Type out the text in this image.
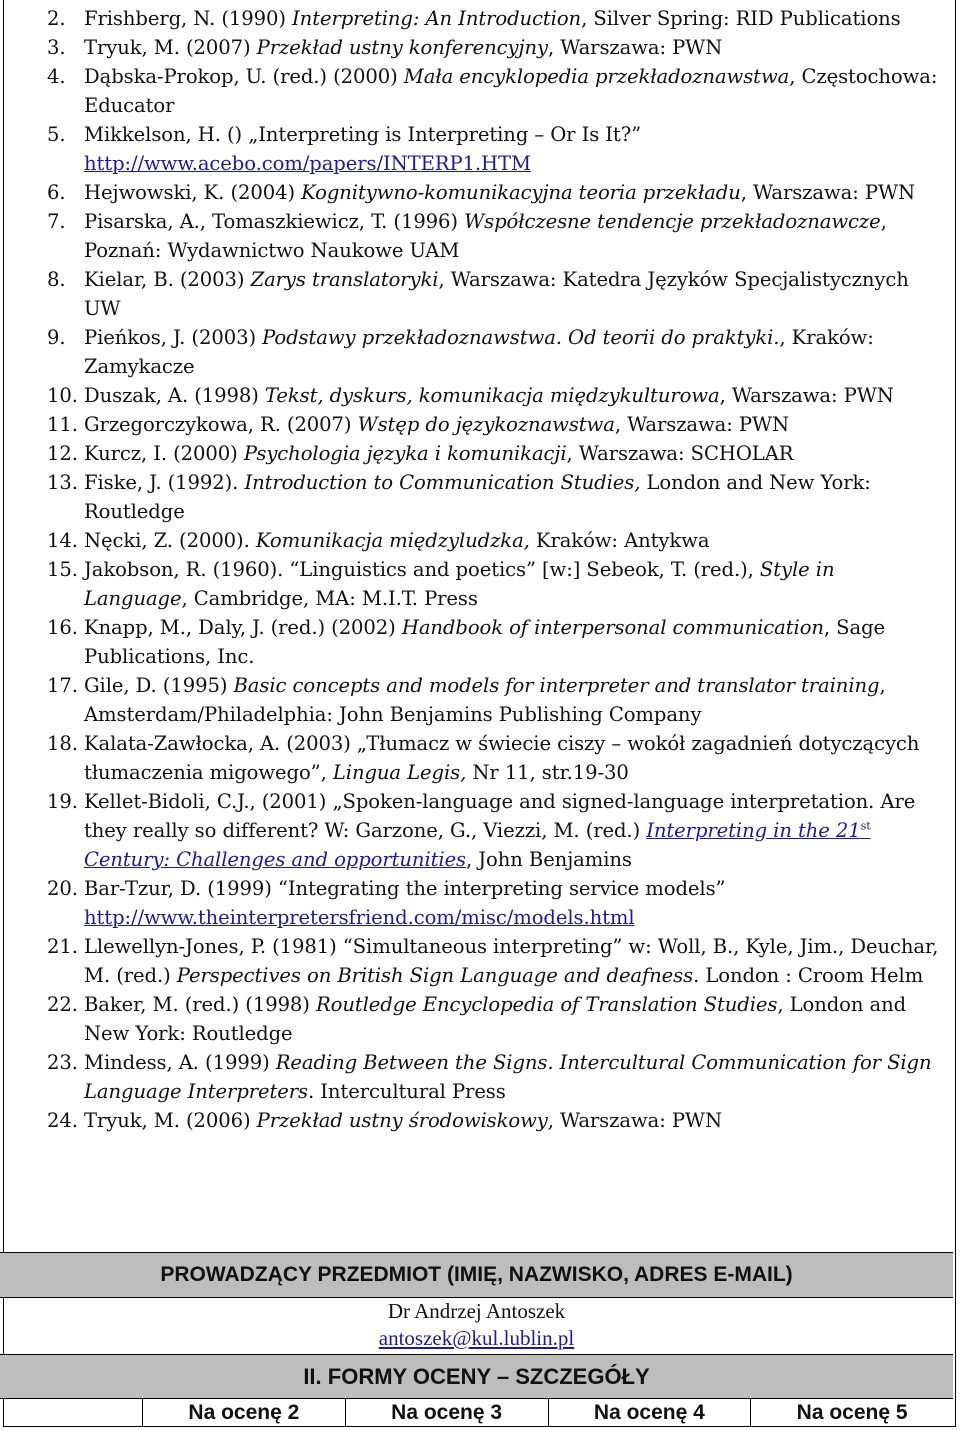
2. Frishberg, N. (1990) Interpreting: An Introduction, Silver Spring: RID Publications
3. Tryuk, M. (2007) Przekład ustny konferencyjny, Warszawa: PWN
4. Dąbska-Prokop, U. (red.) (2000) Mała encyklopedia przekładoznawstwa, Częstochowa: Educator
5. Mikkelson, H. () „Interpreting is Interpreting – Or Is It?” http://www.acebo.com/papers/INTERP1.HTM
6. Hejwowski, K. (2004) Kognitywno-komunikacyjna teoria przekładu, Warszawa: PWN
7. Pisarska, A., Tomaszkiewicz, T. (1996) Współczesne tendencje przekładoznawcze, Poznań: Wydawnictwo Naukowe UAM
8. Kielar, B. (2003) Zarys translatoryki, Warszawa: Katedra Języków Specjalistycznych UW
9. Pieńkos, J. (2003) Podstawy przekładoznawstwa. Od teorii do praktyki., Kraków: Zamykacze
10. Duszak, A. (1998) Tekst, dyskurs, komunikacja międzykulturowa, Warszawa: PWN
11. Grzegorczykowa, R. (2007) Wstęp do językoznawstwa, Warszawa: PWN
12. Kurcz, I. (2000) Psychologia języka i komunikacji, Warszawa: SCHOLAR
13. Fiske, J. (1992). Introduction to Communication Studies, London and New York: Routledge
14. Nęcki, Z. (2000). Komunikacja międzyludzka, Kraków: Antykwa
15. Jakobson, R. (1960). “Linguistics and poetics” [w:] Sebeok, T. (red.), Style in Language, Cambridge, MA: M.I.T. Press
16. Knapp, M., Daly, J. (red.) (2002) Handbook of interpersonal communication, Sage Publications, Inc.
17. Gile, D. (1995) Basic concepts and models for interpreter and translator training, Amsterdam/Philadelphia: John Benjamins Publishing Company
18. Kalata-Zawłocka, A. (2003) „Tłumacz w świecie ciszy – wokół zagadnień dotyczących tłumaczenia migowego”, Lingua Legis, Nr 11, str.19-30
19. Kellet-Bidoli, C.J., (2001) „Spoken-language and signed-language interpretation. Are they really so different? W: Garzone, G., Viezzi, M. (red.) Interpreting in the 21st Century: Challenges and opportunities, John Benjamins
20. Bar-Tzur, D. (1999) “Integrating the interpreting service models” http://www.theinterpretersfriend.com/misc/models.html
21. Llewellyn-Jones, P. (1981) “Simultaneous interpreting” w: Woll, B., Kyle, Jim., Deuchar, M. (red.) Perspectives on British Sign Language and deafness. London : Croom Helm
22. Baker, M. (red.) (1998) Routledge Encyclopedia of Translation Studies, London and New York: Routledge
23. Mindess, A. (1999) Reading Between the Signs. Intercultural Communication for Sign Language Interpreters. Intercultural Press
24. Tryuk, M. (2006) Przekład ustny środowiskowy, Warszawa: PWN
PROWADZĄCY PRZEDMIOT (IMIĘ, NAZWISKO, ADRES E-MAIL)
Dr Andrzej Antoszek
antoszek@kul.lublin.pl
II. FORMY OCENY – SZCZEGÓŁY
Na ocenę 2	Na ocenę 3	Na ocenę 4	Na ocenę 5
